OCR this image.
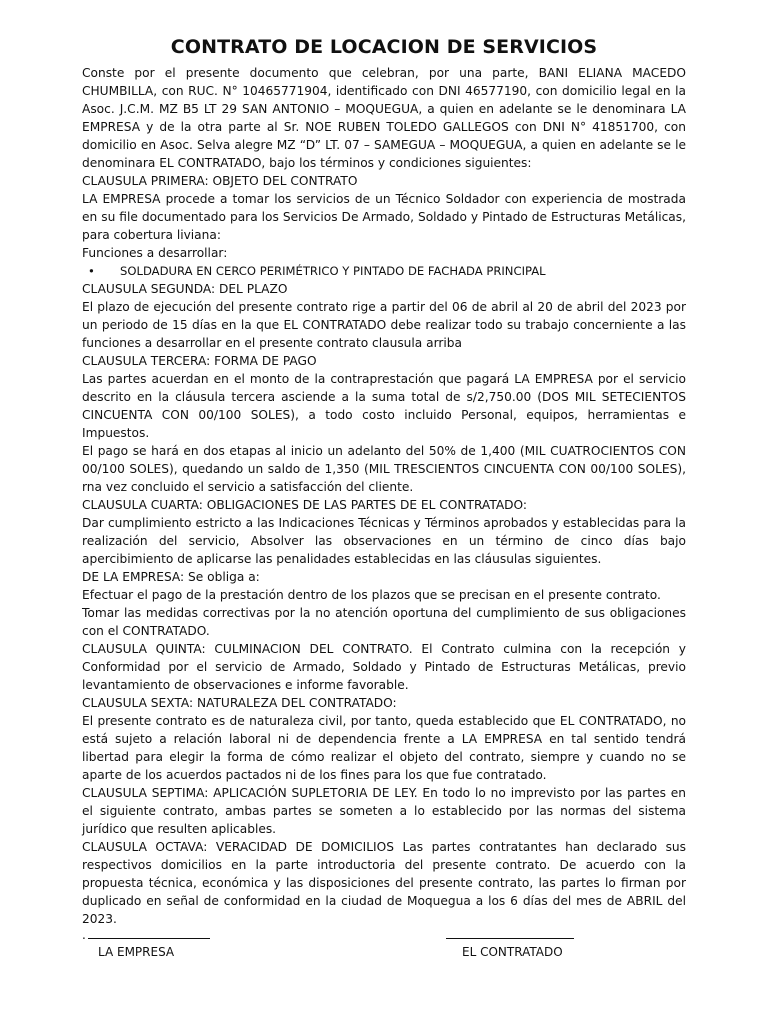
CONTRATO DE LOCACION DE SERVICIOS

Conste por el presente documento que celebran, por una parte, BANI ELIANA MACEDO CHUMBILLA, con RUC. N° 10465771904, identificado con DNI 46577190, con domicilio legal en la Asoc. J.C.M. MZ B5 LT 29 SAN ANTONIO – MOQUEGUA, a quien en adelante se le denominara LA EMPRESA y de la otra parte al Sr. NOE RUBEN TOLEDO GALLEGOS con DNI N° 41851700, con domicilio en Asoc. Selva alegre MZ “D” LT. 07 – SAMEGUA – MOQUEGUA, a quien en adelante se le denominara EL CONTRATADO, bajo los términos y condiciones siguientes:

CLAUSULA PRIMERA: OBJETO DEL CONTRATO

LA EMPRESA procede a tomar los servicios de un Técnico Soldador con experiencia de mostrada en su file documentado para los Servicios De Armado, Soldado y Pintado de Estructuras Metálicas, para cobertura liviana:

Funciones a desarrollar:

•	SOLDADURA EN CERCO PERIMÉTRICO Y PINTADO DE FACHADA PRINCIPAL

CLAUSULA SEGUNDA: DEL PLAZO

El plazo de ejecución del presente contrato rige a partir del 06 de abril al 20 de abril del 2023 por un periodo de 15 días en la que EL CONTRATADO debe realizar todo su trabajo concerniente a las funciones a desarrollar en el presente contrato clausula arriba

CLAUSULA TERCERA: FORMA DE PAGO

Las partes acuerdan en el monto de la contraprestación que pagará LA EMPRESA por el servicio descrito en la cláusula tercera asciende a la suma total de s/2,750.00 (DOS MIL SETECIENTOS CINCUENTA CON 00/100 SOLES), a todo costo incluido Personal, equipos, herramientas e Impuestos.

El pago se hará en dos etapas al inicio un adelanto del 50% de 1,400 (MIL CUATROCIENTOS CON 00/100 SOLES), quedando un saldo de 1,350 (MIL TRESCIENTOS CINCUENTA CON 00/100 SOLES), rna vez concluido el servicio a satisfacción del cliente.

CLAUSULA CUARTA: OBLIGACIONES DE LAS PARTES DE EL CONTRATADO:

Dar cumplimiento estricto a las Indicaciones Técnicas y Términos aprobados y establecidas para la realización del servicio, Absolver las observaciones en un término de cinco días bajo apercibimiento de aplicarse las penalidades establecidas en las cláusulas siguientes.

DE LA EMPRESA: Se obliga a:

Efectuar el pago de la prestación dentro de los plazos que se precisan en el presente contrato.

Tomar las medidas correctivas por la no atención oportuna del cumplimiento de sus obligaciones con el CONTRATADO.

CLAUSULA QUINTA: CULMINACION DEL CONTRATO. El Contrato culmina con la recepción y Conformidad por el servicio de Armado, Soldado y Pintado de Estructuras Metálicas, previo levantamiento de observaciones e informe favorable.

CLAUSULA SEXTA: NATURALEZA DEL CONTRATADO:

El presente contrato es de naturaleza civil, por tanto, queda establecido que EL CONTRATADO, no está sujeto a relación laboral ni de dependencia frente a LA EMPRESA en tal sentido tendrá libertad para elegir la forma de cómo realizar el objeto del contrato, siempre y cuando no se aparte de los acuerdos pactados ni de los fines para los que fue contratado.

CLAUSULA SEPTIMA: APLICACIÓN SUPLETORIA DE LEY. En todo lo no imprevisto por las partes en el siguiente contrato, ambas partes se someten a lo establecido por las normas del sistema jurídico que resulten aplicables.

CLAUSULA OCTAVA: VERACIDAD DE DOMICILIOS Las partes contratantes han declarado sus respectivos domicilios en la parte introductoria del presente contrato. De acuerdo con la propuesta técnica, económica y las disposiciones del presente contrato, las partes lo firman por duplicado en señal de conformidad en la ciudad de Moquegua a los 6 días del mes de ABRIL del 2023.

.
LA EMPRESA	EL CONTRATADO
